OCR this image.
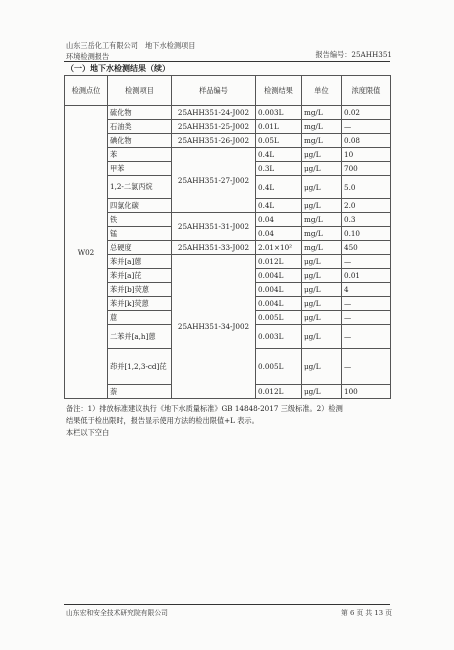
山东三岳化工有限公司　地下水检测项目
环境检测报告	报告编号：25AHH351
（一）地下水检测结果（续）
检测点位	检测项目	样品编号	检测结果	单位	浓度限值
W02	硫化物	25AHH351-24-J002	0.003L	mg/L	0.02
	石油类	25AHH351-25-J002	0.01L	mg/L	—
	碘化物	25AHH351-26-J002	0.05L	mg/L	0.08
	苯	25AHH351-27-J002	0.4L	μg/L	10
	甲苯		0.3L	μg/L	700
	1,2-二氯丙烷		0.4L	μg/L	5.0
	四氯化碳		0.4L	μg/L	2.0
	铁	25AHH351-31-J002	0.04	mg/L	0.3
	锰		0.04	mg/L	0.10
	总硬度	25AHH351-33-J002	2.01×10²	mg/L	450
	苯并[a]蒽	25AHH351-34-J002	0.012L	μg/L	—
	苯并[a]芘		0.004L	μg/L	0.01
	苯并[b]荧蒽		0.004L	μg/L	4
	苯并[k]荧蒽		0.004L	μg/L	—
	䓛		0.005L	μg/L	—
	二苯并[a,h]蒽		0.003L	μg/L	—
	茚并[1,2,3-cd]芘		0.005L	μg/L	—
	萘		0.012L	μg/L	100
备注：1）排放标准建议执行《地下水质量标准》GB 14848-2017 三级标准。2）检测
结果低于检出限时，报告显示使用方法的检出限值+L 表示。
本栏以下空白
山东宏和安全技术研究院有限公司	第 6 页 共 13 页
